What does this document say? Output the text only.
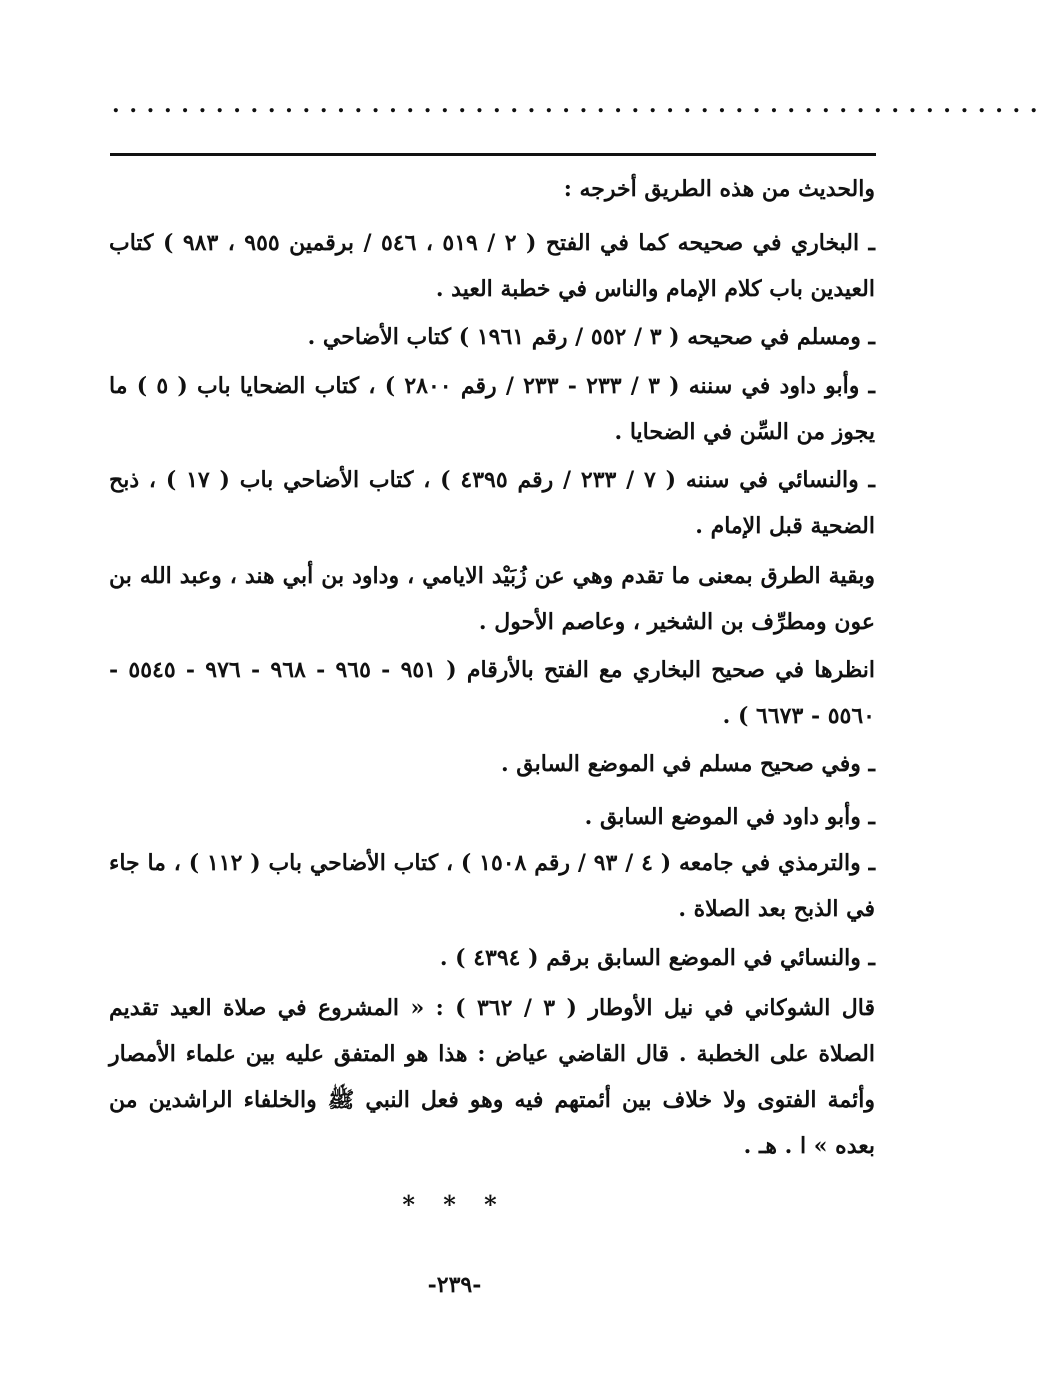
. . . . . . . . . . . . . . . . . . . . . . . . . . . . . . . . . . . . . . . . . . . . . . . . . . . . . .
والحديث من هذه الطريق أخرجه :
ـ البخاري في صحيحه كما في الفتح ( ٢ / ٥١٩ ، ٥٤٦ / برقمين ٩٥٥ ، ٩٨٣ ) كتاب العيدين باب كلام الإمام والناس في خطبة العيد .
ـ ومسلم في صحيحه ( ٣ / ٥٥٢ / رقم ١٩٦١ ) كتاب الأضاحي .
ـ وأبو داود في سننه ( ٣ / ٢٣٣ - ٢٣٣ / رقم ٢٨٠٠ ) ، كتاب الضحايا باب ( ٥ ) ما يجوز من السِّن في الضحايا .
ـ والنسائي في سننه ( ٧ / ٢٣٣ / رقم ٤٣٩٥ ) ، كتاب الأضاحي باب ( ١٧ ) ، ذبح الضحية قبل الإمام .
وبقية الطرق بمعنى ما تقدم وهي عن زُبَيْد الايامي ، وداود بن أبي هند ، وعبد الله بن عون ومطرِّف بن الشخير ، وعاصم الأحول .
انظرها في صحيح البخاري مع الفتح بالأرقام ( ٩٥١ - ٩٦٥ - ٩٦٨ - ٩٧٦ - ٥٥٤٥ - ٥٥٦٠ - ٦٦٧٣ ) .
ـ وفي صحيح مسلم في الموضع السابق .
ـ وأبو داود في الموضع السابق .
ـ والترمذي في جامعه ( ٤ / ٩٣ / رقم ١٥٠٨ ) ، كتاب الأضاحي باب ( ١١٢ ) ، ما جاء في الذبح بعد الصلاة .
ـ والنسائي في الموضع السابق برقم ( ٤٣٩٤ ) .
قال الشوكاني في نيل الأوطار ( ٣ / ٣٦٢ ) : « المشروع في صلاة العيد تقديم الصلاة على الخطبة . قال القاضي عياض : هذا هو المتفق عليه بين علماء الأمصار وأئمة الفتوى ولا خلاف بين أئمتهم فيه وهو فعل النبي ﷺ والخلفاء الراشدين من بعده » ا . هـ .
* * *
-٢٣٩-
